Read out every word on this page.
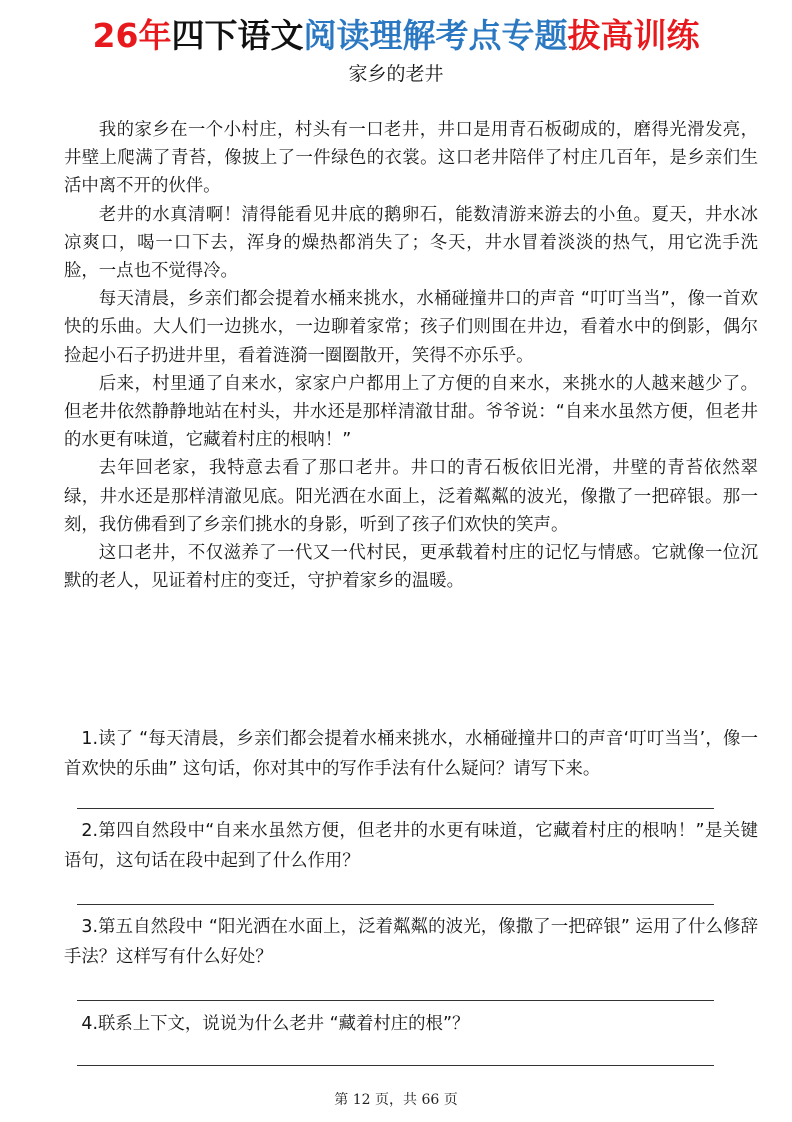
26年四下语文阅读理解考点专题拔高训练
家乡的老井

我的家乡在一个小村庄，村头有一口老井，井口是用青石板砌成的，磨得光滑发亮，井壁上爬满了青苔，像披上了一件绿色的衣裳。这口老井陪伴了村庄几百年，是乡亲们生活中离不开的伙伴。

老井的水真清啊！清得能看见井底的鹅卵石，能数清游来游去的小鱼。夏天，井水冰凉爽口，喝一口下去，浑身的燥热都消失了；冬天，井水冒着淡淡的热气，用它洗手洗脸，一点也不觉得冷。

每天清晨，乡亲们都会提着水桶来挑水，水桶碰撞井口的声音 “叮叮当当”，像一首欢快的乐曲。大人们一边挑水，一边聊着家常；孩子们则围在井边，看着水中的倒影，偶尔捡起小石子扔进井里，看着涟漪一圈圈散开，笑得不亦乐乎。

后来，村里通了自来水，家家户户都用上了方便的自来水，来挑水的人越来越少了。但老井依然静静地站在村头，井水还是那样清澈甘甜。爷爷说：“自来水虽然方便，但老井的水更有味道，它藏着村庄的根呐！”

去年回老家，我特意去看了那口老井。井口的青石板依旧光滑，井壁的青苔依然翠绿，井水还是那样清澈见底。阳光洒在水面上，泛着粼粼的波光，像撒了一把碎银。那一刻，我仿佛看到了乡亲们挑水的身影，听到了孩子们欢快的笑声。

这口老井，不仅滋养了一代又一代村民，更承载着村庄的记忆与情感。它就像一位沉默的老人，见证着村庄的变迁，守护着家乡的温暖。

1.读了 “每天清晨，乡亲们都会提着水桶来挑水，水桶碰撞井口的声音‘叮叮当当’，像一首欢快的乐曲” 这句话，你对其中的写作手法有什么疑问？请写下来。

2.第四自然段中“自来水虽然方便，但老井的水更有味道，它藏着村庄的根呐！”是关键语句，这句话在段中起到了什么作用？

3.第五自然段中 “阳光洒在水面上，泛着粼粼的波光，像撒了一把碎银” 运用了什么修辞手法？这样写有什么好处？

4.联系上下文，说说为什么老井 “藏着村庄的根”？

第 12 页，共 66 页
